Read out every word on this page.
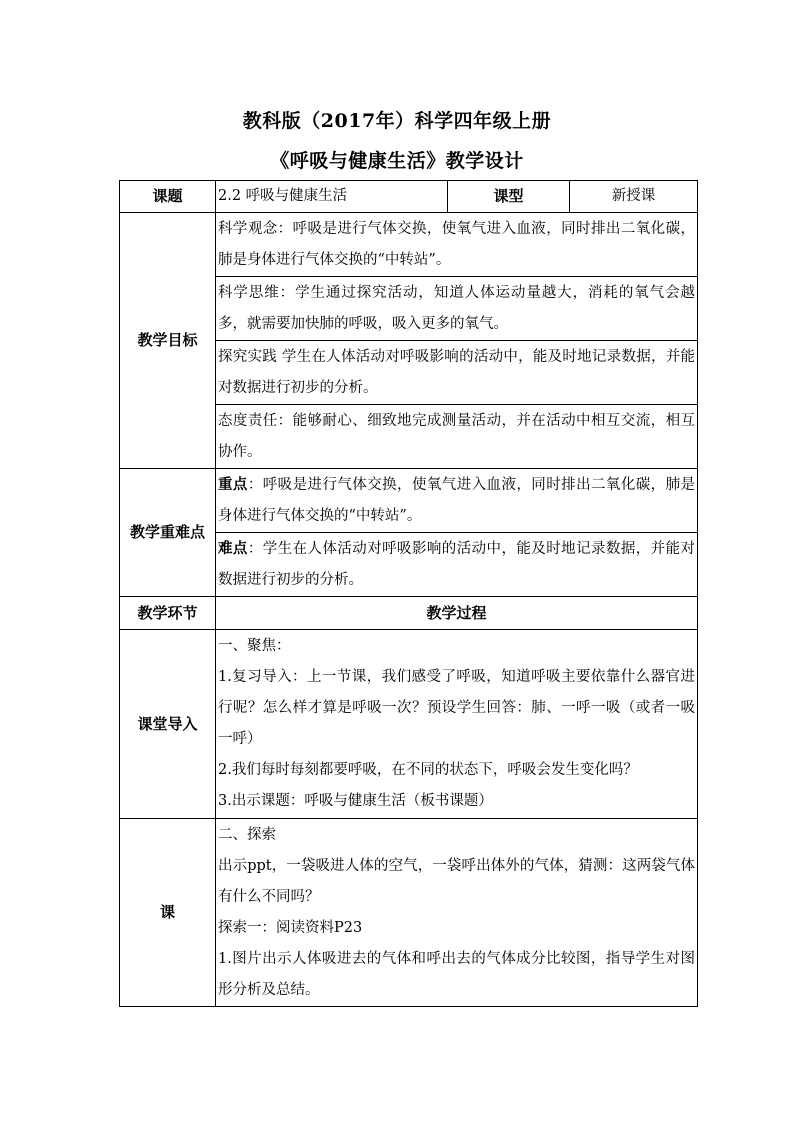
教科版（2017年）科学四年级上册
《呼吸与健康生活》教学设计
课题	2.2 呼吸与健康生活	课型	新授课
教学目标	科学观念：呼吸是进行气体交换，使氧气进入血液，同时排出二氧化碳，肺是身体进行气体交换的“中转站”。		
	科学思维：学生通过探究活动，知道人体运动量越大，消耗的氧气会越多，就需要加快肺的呼吸，吸入更多的氧气。		
	探究实践 学生在人体活动对呼吸影响的活动中，能及时地记录数据，并能对数据进行初步的分析。		
	态度责任：能够耐心、细致地完成测量活动，并在活动中相互交流，相互协作。		
教学重难点	重点：呼吸是进行气体交换，使氧气进入血液，同时排出二氧化碳，肺是身体进行气体交换的“中转站”。		
	难点：学生在人体活动对呼吸影响的活动中，能及时地记录数据，并能对数据进行初步的分析。		
教学环节	教学过程		
课堂导入	一、聚焦：
1.复习导入：上一节课，我们感受了呼吸，知道呼吸主要依靠什么器官进行呢？怎么样才算是呼吸一次？预设学生回答：肺、一呼一吸（或者一吸一呼）
2.我们每时每刻都要呼吸，在不同的状态下，呼吸会发生变化吗？
3.出示课题：呼吸与健康生活（板书课题）		

课	二、探索
出示ppt，一袋吸进人体的空气，一袋呼出体外的气体，猜测：这两袋气体有什么不同吗？
探索一：阅读资料P23
1.图片出示人体吸进去的气体和呼出去的气体成分比较图，指导学生对图形分析及总结。		
